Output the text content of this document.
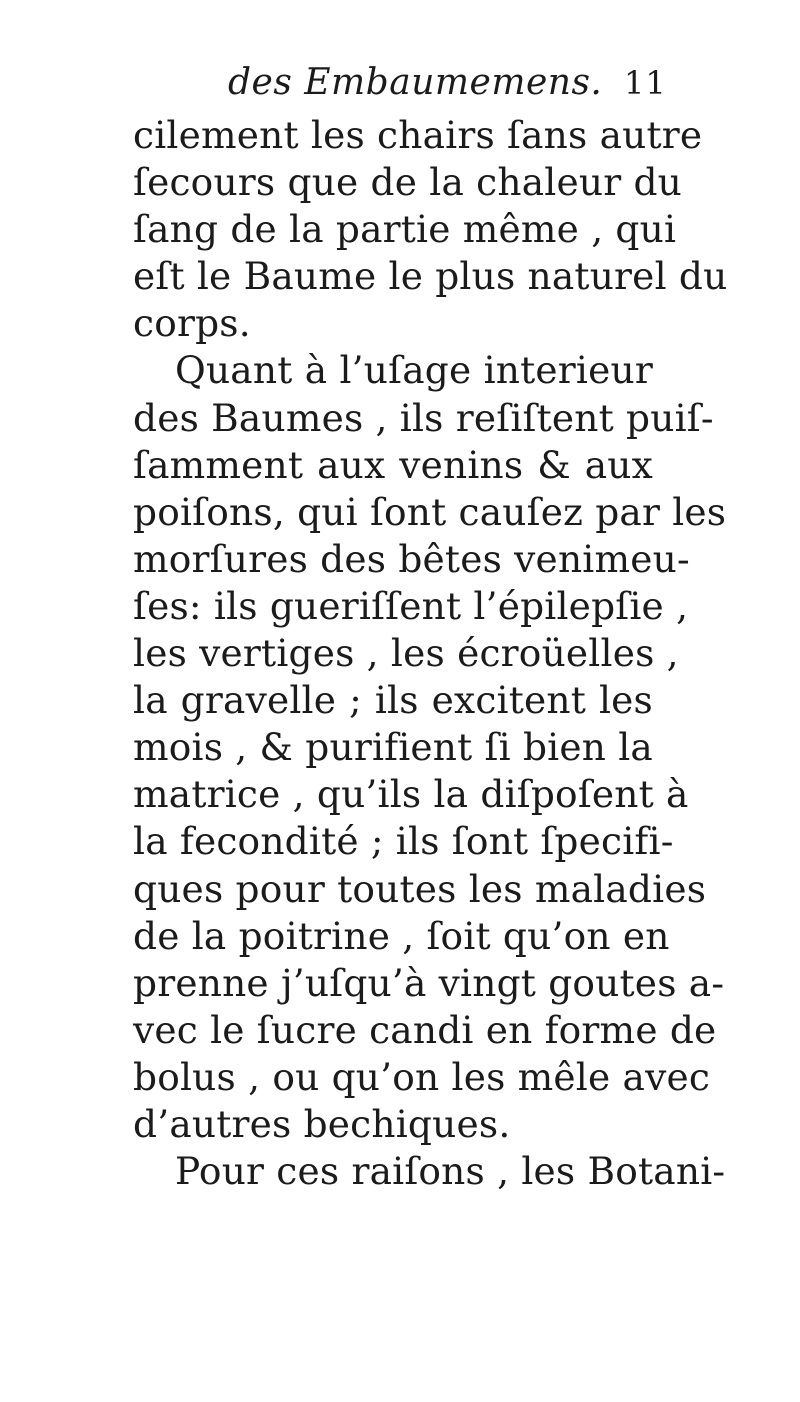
des Embaumemens. 11
cilement les chairs ſans autre
ſecours que de la chaleur du
ſang de la partie même , qui
eſt le Baume le plus naturel du
corps.
Quant à l’uſage interieur
des Baumes , ils reſiſtent puiſ-
ſamment aux venins & aux
poiſons, qui ſont cauſez par les
morſures des bêtes venimeu-
ſes: ils gueriſſent l’épilepſie ,
les vertiges , les écroüelles ,
la gravelle ; ils excitent les
mois , & purifient ſi bien la
matrice , qu’ils la diſpoſent à
la fecondité ; ils ſont ſpecifi-
ques pour toutes les maladies
de la poitrine , ſoit qu’on en
prenne j’uſqu’à vingt goutes a-
vec le ſucre candi en forme de
bolus , ou qu’on les mêle avec
d’autres bechiques.
Pour ces raiſons , les Botani-
